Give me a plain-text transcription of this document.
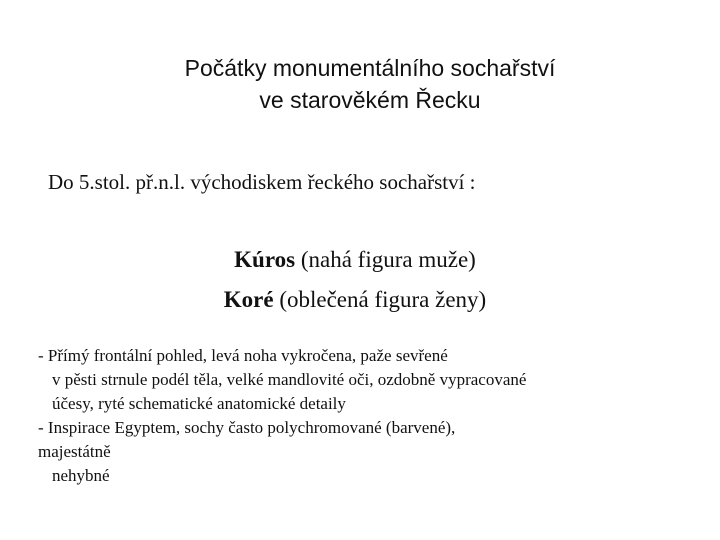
Počátky monumentálního sochařství
ve starověkém Řecku
Do 5.stol. př.n.l. východiskem řeckého sochařství :
Kúros (nahá figura muže)
Koré (oblečená figura ženy)
- Přímý frontální pohled, levá noha vykročena, paže sevřené
v pěsti strnule podél těla, velké mandlovité oči, ozdobně vypracované
účesy, ryté schematické anatomické detaily
- Inspirace Egyptem, sochy často polychromované (barvené),
majestátně
nehybné
